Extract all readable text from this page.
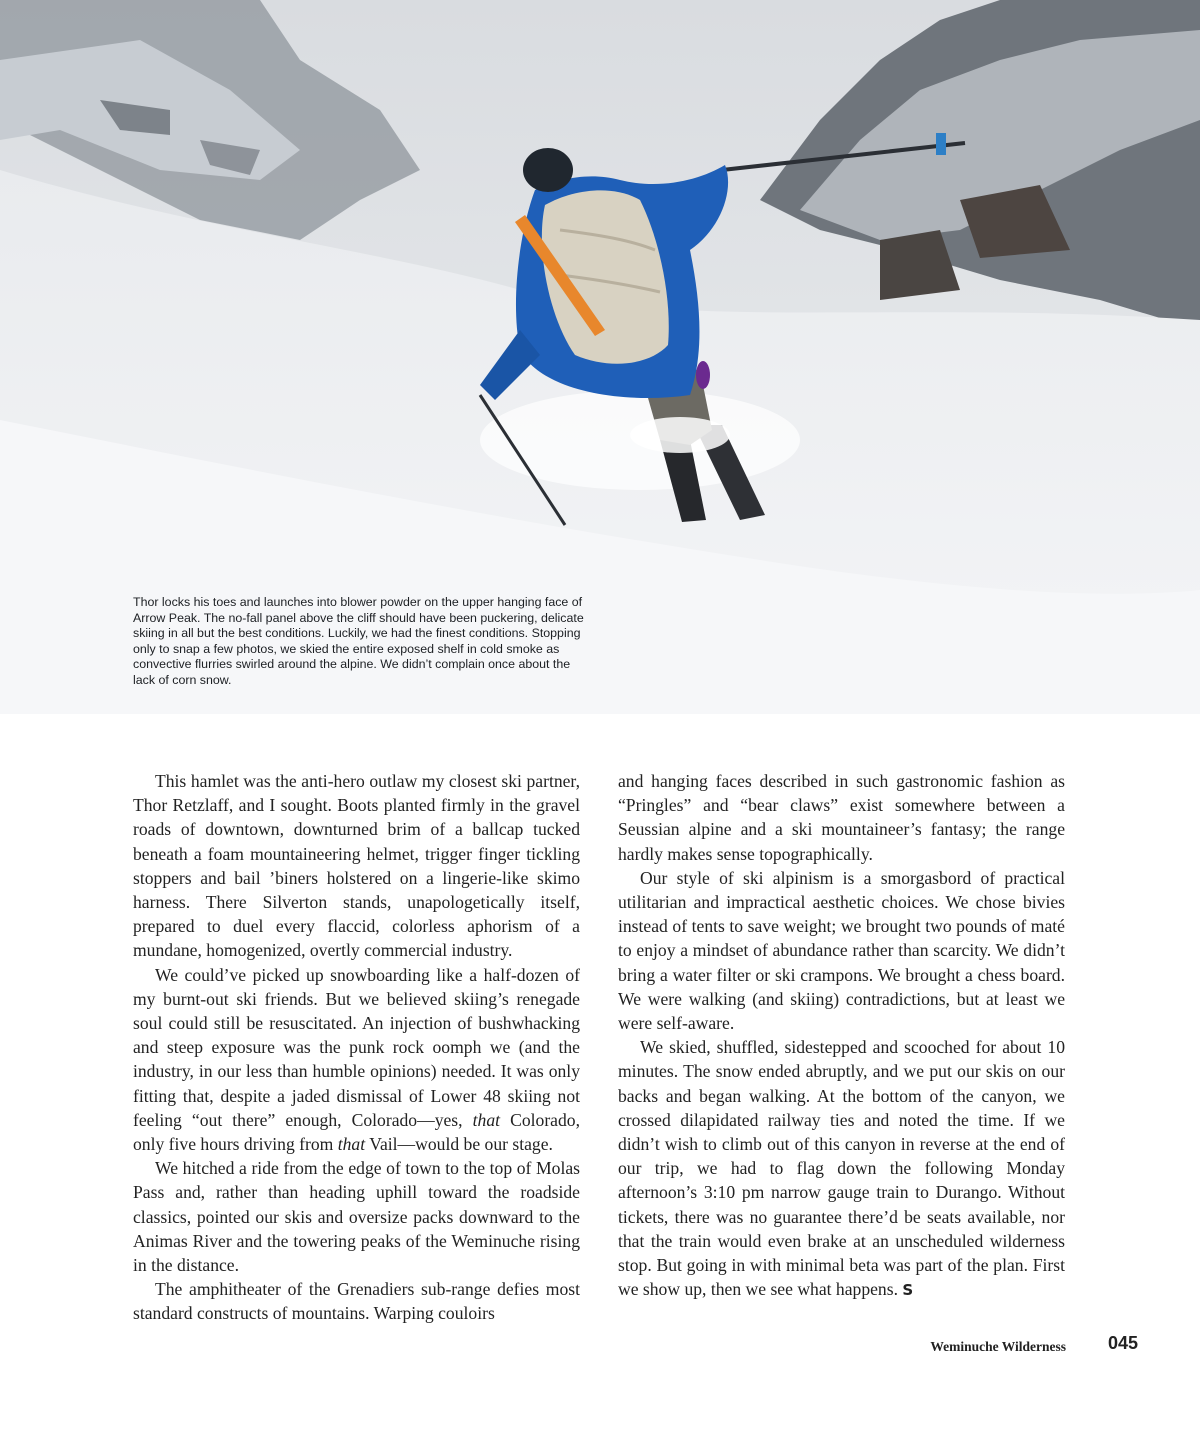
Thor locks his toes and launches into blower powder on the upper hanging face of Arrow Peak. The no-fall panel above the cliff should have been puckering, delicate skiing in all but the best conditions. Luckily, we had the finest conditions. Stopping only to snap a few photos, we skied the entire exposed shelf in cold smoke as convective flurries swirled around the alpine. We didn’t complain once about the lack of corn snow.

This hamlet was the anti-hero outlaw my closest ski partner, Thor Retzlaff, and I sought. Boots planted firmly in the gravel roads of downtown, downturned brim of a ballcap tucked beneath a foam mountaineering helmet, trigger finger tickling stoppers and bail ’biners holstered on a lingerie-like skimo harness. There Silverton stands, unapologetically itself, prepared to duel every flaccid, colorless aphorism of a mundane, homogenized, overtly commercial industry.

We could’ve picked up snowboarding like a half-dozen of my burnt-out ski friends. But we believed skiing’s renegade soul could still be resuscitated. An injection of bushwhacking and steep exposure was the punk rock oomph we (and the industry, in our less than humble opinions) needed. It was only fitting that, despite a jaded dismissal of Lower 48 skiing not feeling “out there” enough, Colorado—yes, that Colorado, only five hours driving from that Vail—would be our stage.

We hitched a ride from the edge of town to the top of Molas Pass and, rather than heading uphill toward the roadside classics, pointed our skis and oversize packs downward to the Animas River and the towering peaks of the Weminuche rising in the distance.

The amphitheater of the Grenadiers sub-range defies most standard constructs of mountains. Warping couloirs

and hanging faces described in such gastronomic fashion as “Pringles” and “bear claws” exist somewhere between a Seussian alpine and a ski mountaineer’s fantasy; the range hardly makes sense topographically.

Our style of ski alpinism is a smorgasbord of practical utilitarian and impractical aesthetic choices. We chose bivies instead of tents to save weight; we brought two pounds of maté to enjoy a mindset of abundance rather than scarcity. We didn’t bring a water filter or ski crampons. We brought a chess board. We were walking (and skiing) contradictions, but at least we were self-aware.

We skied, shuffled, sidestepped and scooched for about 10 minutes. The snow ended abruptly, and we put our skis on our backs and began walking. At the bottom of the canyon, we crossed dilapidated railway ties and noted the time. If we didn’t wish to climb out of this canyon in reverse at the end of our trip, we had to flag down the following Monday afternoon’s 3:10 pm narrow gauge train to Durango. Without tickets, there was no guarantee there’d be seats available, nor that the train would even brake at an unscheduled wilderness stop. But going in with minimal beta was part of the plan. First we show up, then we see what happens. S

Weminuche Wilderness 045
